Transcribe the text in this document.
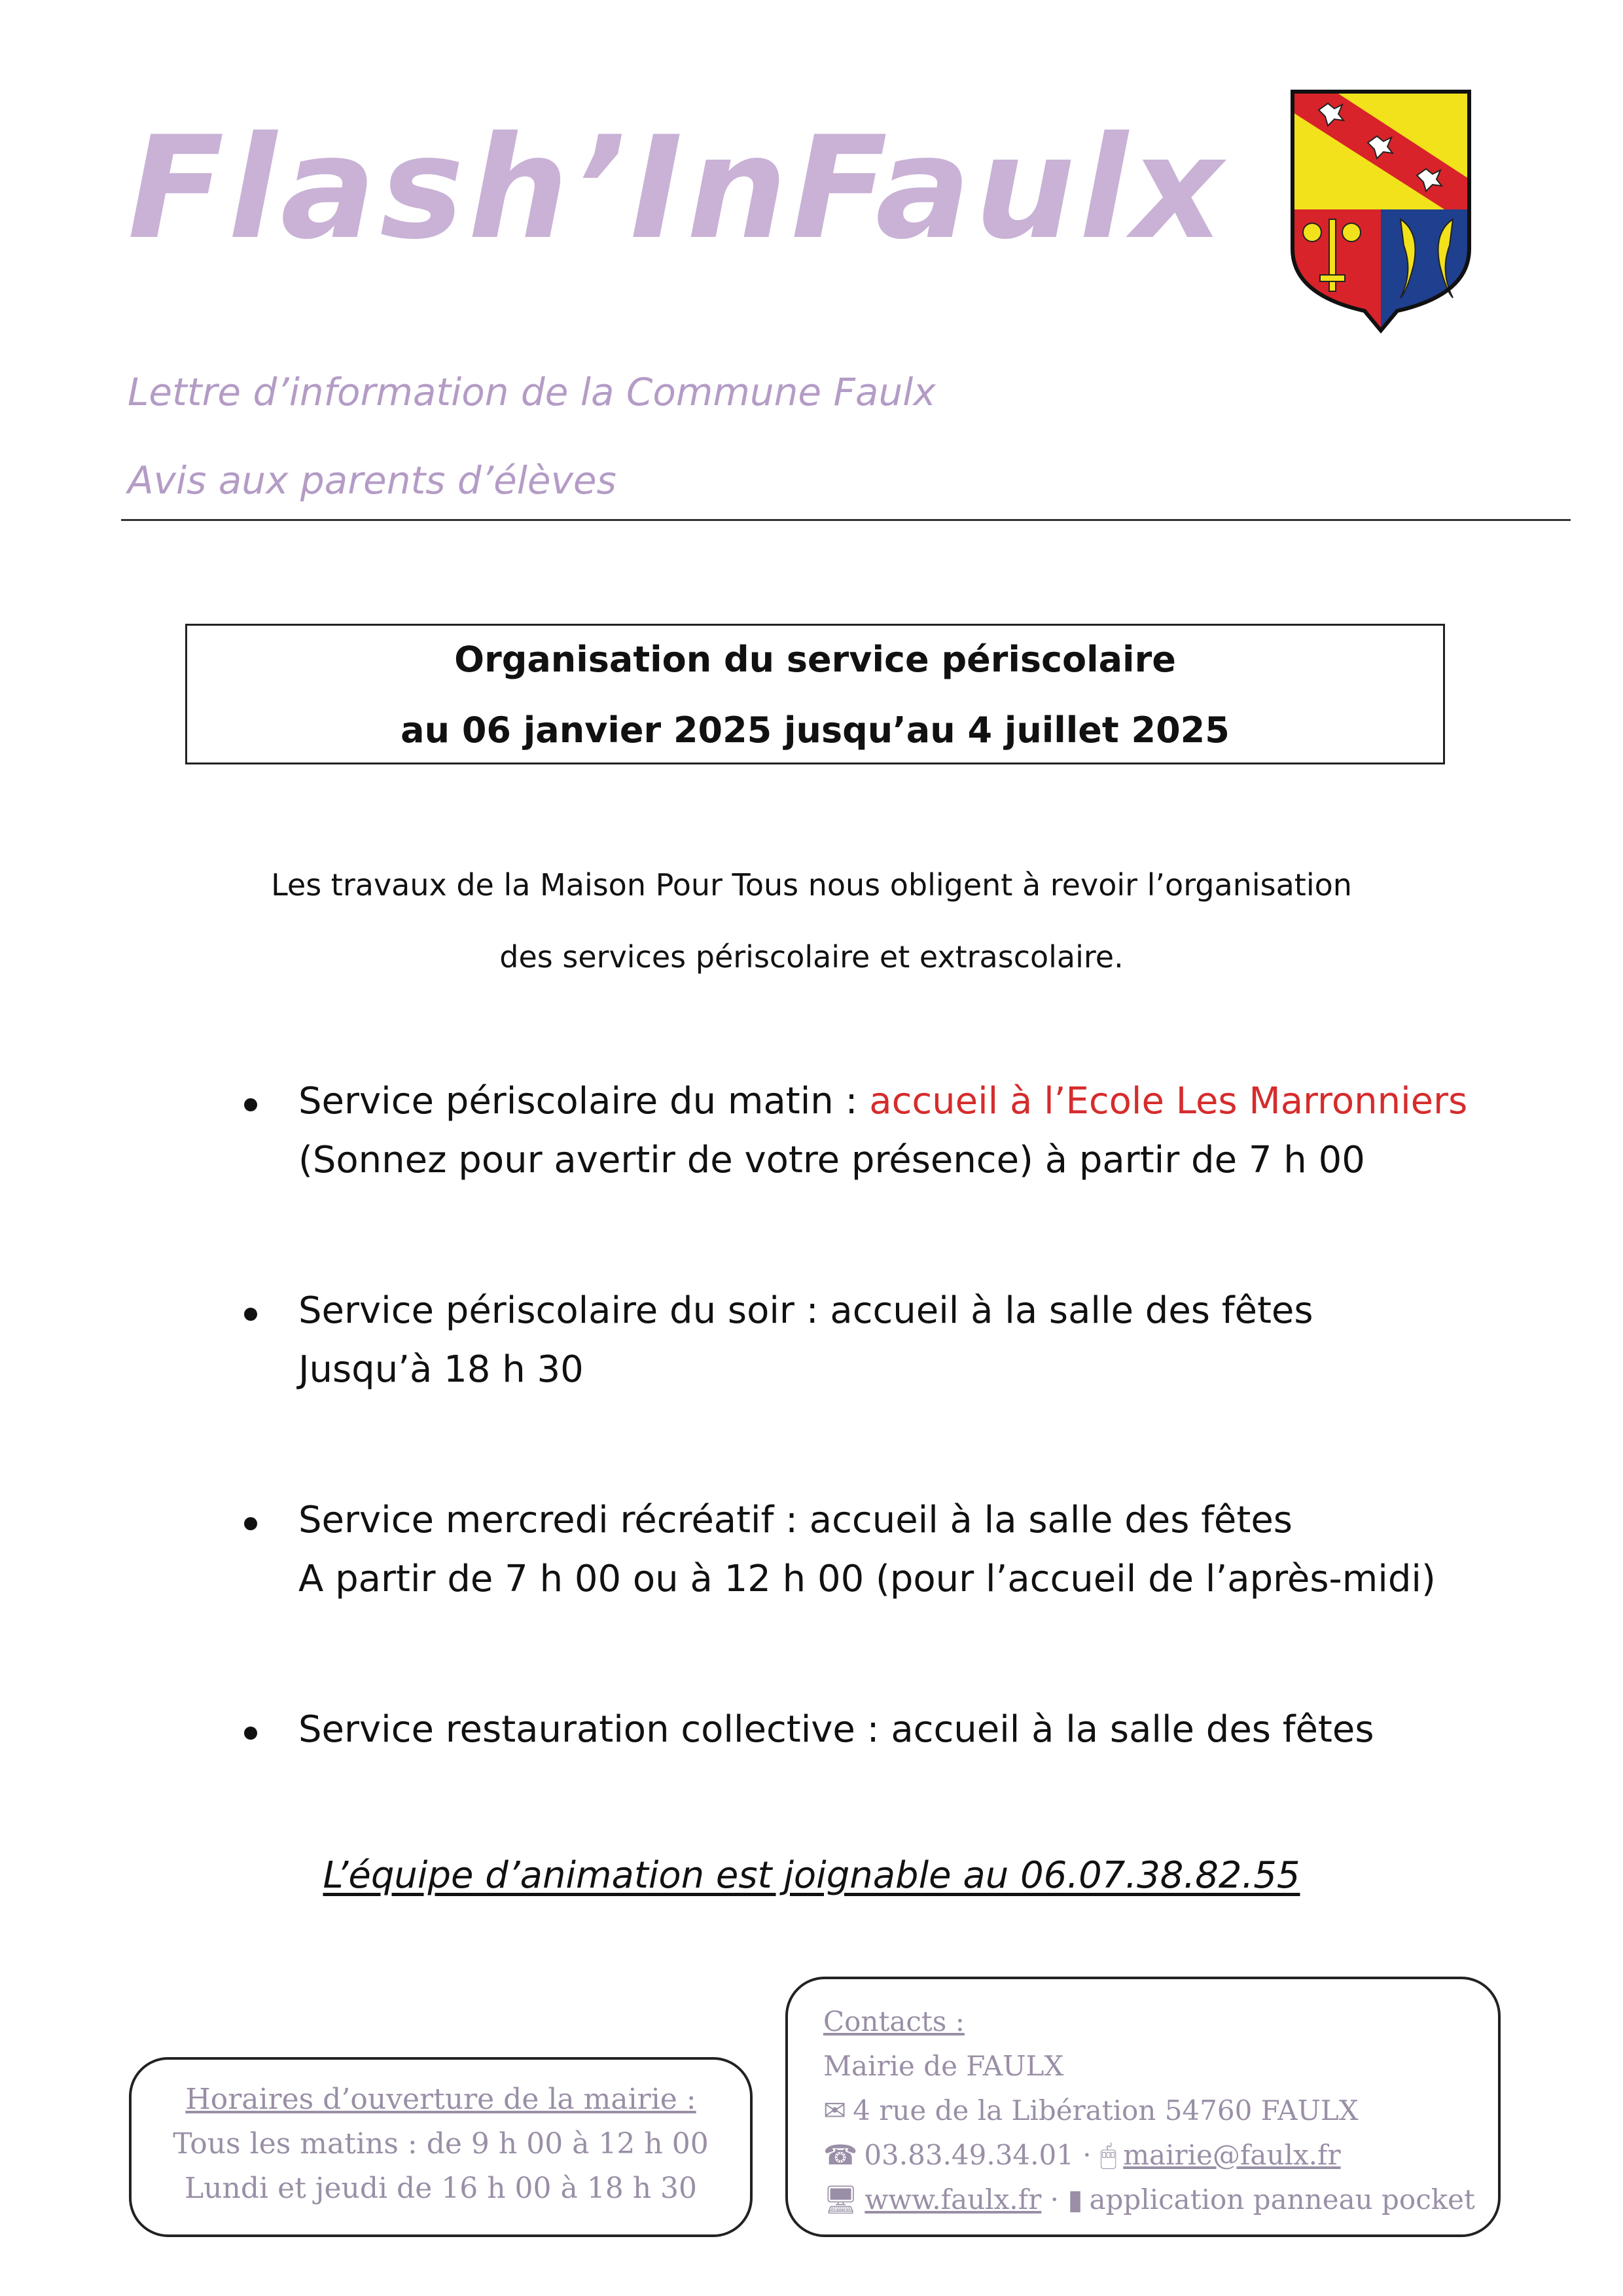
Flash’InFaulx
Lettre d’information de la Commune Faulx
Avis aux parents d’élèves
Organisation du service périscolaire
au 06 janvier 2025 jusqu’au 4 juillet 2025
Les travaux de la Maison Pour Tous nous obligent à revoir l’organisation
des services périscolaire et extrascolaire.
Service périscolaire du matin : accueil à l’Ecole Les Marronniers
(Sonnez pour avertir de votre présence) à partir de 7 h 00
Service périscolaire du soir : accueil à la salle des fêtes
Jusqu’à 18 h 30
Service mercredi récréatif : accueil à la salle des fêtes
A partir de 7 h 00 ou à 12 h 00 (pour l’accueil de l’après-midi)
Service restauration collective : accueil à la salle des fêtes
L’équipe d’animation est joignable au 06.07.38.82.55
Horaires d’ouverture de la mairie :
Tous les matins : de 9 h 00 à 12 h 00
Lundi et jeudi de 16 h 00 à 18 h 30
Contacts :
Mairie de FAULX
✉ 4 rue de la Libération 54760 FAULX
☎ 03.83.49.34.01 · 🖱 mairie@faulx.fr
🖥 www.faulx.fr · ▮ application panneau pocket
